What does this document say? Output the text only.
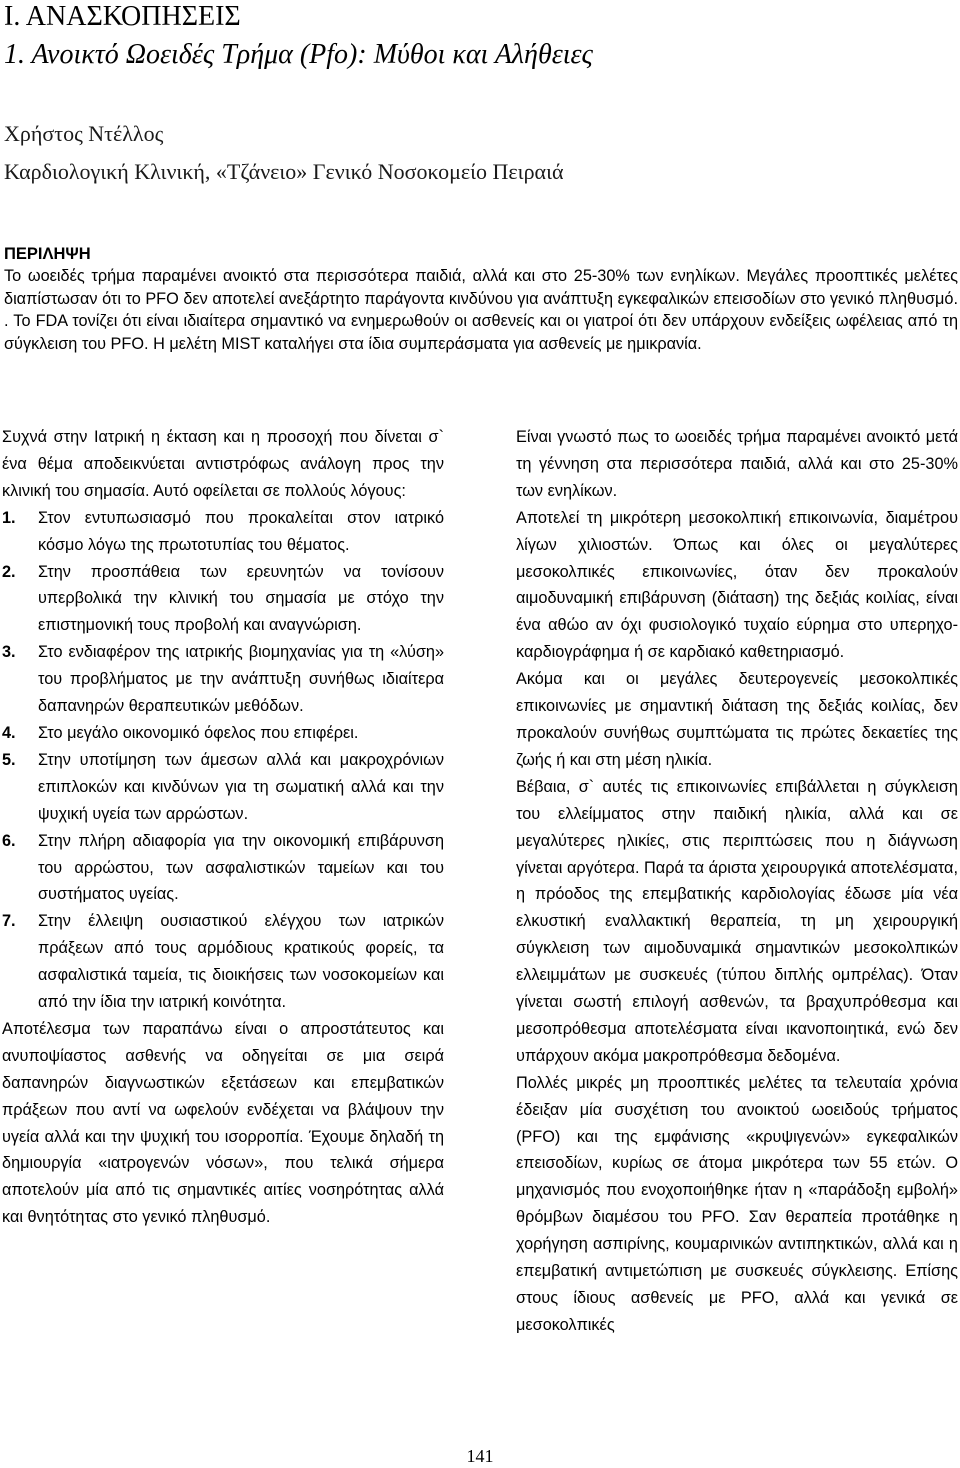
Ι. ΑΝΑΣΚΟΠΗΣΕΙΣ
1. Ανοικτό Ωοειδές Τρήμα (Pfo): Μύθοι και Αλήθειες
Χρήστος Ντέλλος
Καρδιολογική Κλινική, «Τζάνειο» Γενικό Νοσοκομείο Πειραιά
ΠΕΡΙΛΗΨΗ

Το ωοειδές τρήμα παραμένει ανοικτό στα περισσότερα παιδιά, αλλά και στο 25-30% των ενηλίκων. Μεγάλες προοπτικές μελέτες διαπίστωσαν ότι το PFO δεν αποτελεί ανεξάρτητο παράγοντα κινδύνου για ανάπτυξη εγκεφαλικών επεισοδίων στο γενικό πληθυσμό. . Το FDA τονίζει ότι είναι ιδιαίτερα σημαντικό να ενημερωθούν οι ασθενείς και οι γιατροί ότι δεν υπάρχουν ενδείξεις ωφέλειας από τη σύγκλειση του PFO. Η μελέτη MIST καταλήγει στα ίδια συμπεράσματα για ασθενείς με ημικρανία.

Συχνά στην Ιατρική η έκταση και η προσοχή που δίνεται σ` ένα θέμα αποδεικνύεται αντιστρόφως ανάλογη προς την κλινική του σημασία. Αυτό οφείλεται σε πολλούς λόγους:

1. Στον εντυπωσιασμό που προκαλείται στον ιατρικό κόσμο λόγω της πρωτοτυπίας του θέματος.
2. Στην προσπάθεια των ερευνητών να τονίσουν υπερβολικά την κλινική του σημασία με στόχο την επιστημονική τους προβολή και αναγνώριση.
3. Στο ενδιαφέρον της ιατρικής βιομηχανίας για τη «λύση» του προβλήματος με την ανάπτυξη συνήθως ιδιαίτερα δαπανηρών θεραπευτικών μεθόδων.
4. Στο μεγάλο οικονομικό όφελος που επιφέρει.
5. Στην υποτίμηση των άμεσων αλλά και μακροχρόνιων επιπλοκών και κινδύνων για τη σωματική αλλά και την ψυχική υγεία των αρρώστων.
6. Στην πλήρη αδιαφορία για την οικονομική επιβάρυνση του αρρώστου, των ασφαλιστικών ταμείων και του συστήματος υγείας.
7. Στην έλλειψη ουσιαστικού ελέγχου των ιατρικών πράξεων από τους αρμόδιους κρατικούς φορείς, τα ασφαλιστικά ταμεία, τις διοικήσεις των νοσοκομείων και από την ίδια την ιατρική κοινότητα.

Αποτέλεσμα των παραπάνω είναι ο απροστάτευτος και ανυποψίαστος ασθενής να οδηγείται σε μια σειρά δαπανηρών διαγνωστικών εξετάσεων και επεμβατικών πράξεων που αντί να ωφελούν ενδέχεται να βλάψουν την υγεία αλλά και την ψυχική του ισορροπία. Έχουμε δηλαδή τη δημιουργία «ιατρογενών νόσων», που τελικά σήμερα αποτελούν μία από τις σημαντικές αιτίες νοσηρότητας αλλά και θνητότητας στο γενικό πληθυσμό.

Είναι γνωστό πως το ωοειδές τρήμα παραμένει ανοικτό μετά τη γέννηση στα περισσότερα παιδιά, αλλά και στο 25-30% των ενηλίκων.

Αποτελεί τη μικρότερη μεσοκολπική επικοινωνία, διαμέτρου λίγων χιλιοστών. Όπως και όλες οι μεγαλύτερες μεσοκολπικές επικοινωνίες, όταν δεν προκαλούν αιμοδυναμική επιβάρυνση (διάταση) της δεξιάς κοιλίας, είναι ένα αθώο αν όχι φυσιολογικό τυχαίο εύρημα στο υπερηχο-καρδιογράφημα ή σε καρδιακό καθετηριασμό.

Ακόμα και οι μεγάλες δευτερογενείς μεσοκολπικές επικοινωνίες με σημαντική διάταση της δεξιάς κοιλίας, δεν προκαλούν συνήθως συμπτώματα τις πρώτες δεκαετίες της ζωής ή και στη μέση ηλικία.

Βέβαια, σ` αυτές τις επικοινωνίες επιβάλλεται η σύγκλειση του ελλείμματος στην παιδική ηλικία, αλλά και σε μεγαλύτερες ηλικίες, στις περιπτώσεις που η διάγνωση γίνεται αργότερα. Παρά τα άριστα χειρουργικά αποτελέσματα, η πρόοδος της επεμβατικής καρδιολογίας έδωσε μία νέα ελκυστική εναλλακτική θεραπεία, τη μη χειρουργική σύγκλειση των αιμοδυναμικά σημαντικών μεσοκολπικών ελλειμμάτων με συσκευές (τύπου διπλής ομπρέλας). Όταν γίνεται σωστή επιλογή ασθενών, τα βραχυπρόθεσμα και μεσοπρόθεσμα αποτελέσματα είναι ικανοποιητικά, ενώ δεν υπάρχουν ακόμα μακροπρόθεσμα δεδομένα.

Πολλές μικρές μη προοπτικές μελέτες τα τελευταία χρόνια έδειξαν μία συσχέτιση του ανοικτού ωοειδούς τρήματος (PFO) και της εμφάνισης «κρυψιγενών» εγκεφαλικών επεισοδίων, κυρίως σε άτομα μικρότερα των 55 ετών. Ο μηχανισμός που ενοχοποιήθηκε ήταν η «παράδοξη εμβολή» θρόμβων διαμέσου του PFO. Σαν θεραπεία προτάθηκε η χορήγηση ασπιρίνης, κουμαρινικών αντιπηκτικών, αλλά και η επεμβατική αντιμετώπιση με συσκευές σύγκλεισης. Επίσης στους ίδιους ασθενείς με PFO, αλλά και γενικά σε μεσοκολπικές

141
